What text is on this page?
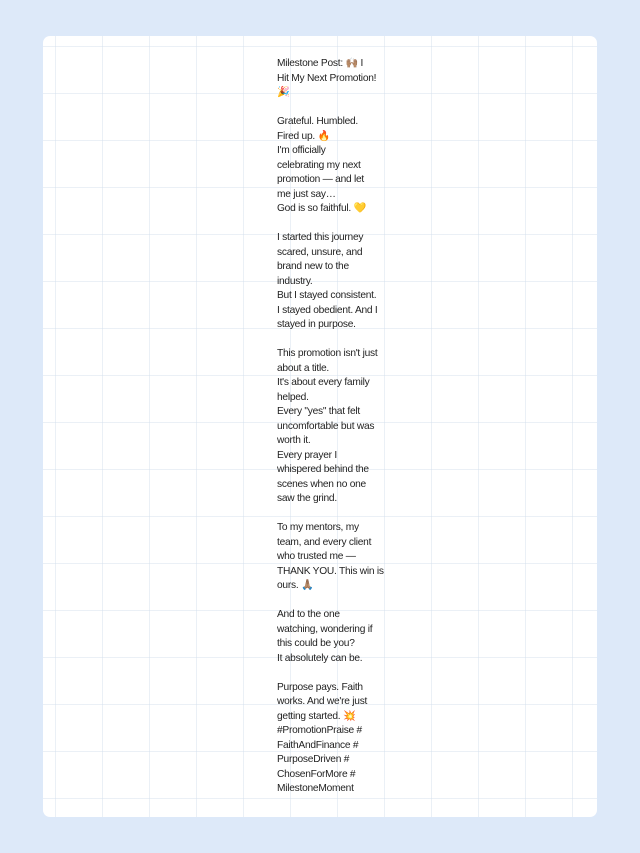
Milestone Post: 🙌🏽 I
Hit My Next Promotion!
🎉
Grateful. Humbled.
Fired up. 🔥
I'm officially
celebrating my next
promotion — and let
me just say…
God is so faithful. 💛
I started this journey
scared, unsure, and
brand new to the
industry.
But I stayed consistent.
I stayed obedient. And I
stayed in purpose.
This promotion isn't just
about a title.
It's about every family
helped.
Every "yes" that felt
uncomfortable but was
worth it.
Every prayer I
whispered behind the
scenes when no one
saw the grind.
To my mentors, my
team, and every client
who trusted me —
THANK YOU. This win is
ours. 🙏🏽
And to the one
watching, wondering if
this could be you?
It absolutely can be.
Purpose pays. Faith
works. And we're just
getting started. 💥
#PromotionPraise #
FaithAndFinance #
PurposeDriven #
ChosenForMore #
MilestoneMoment
